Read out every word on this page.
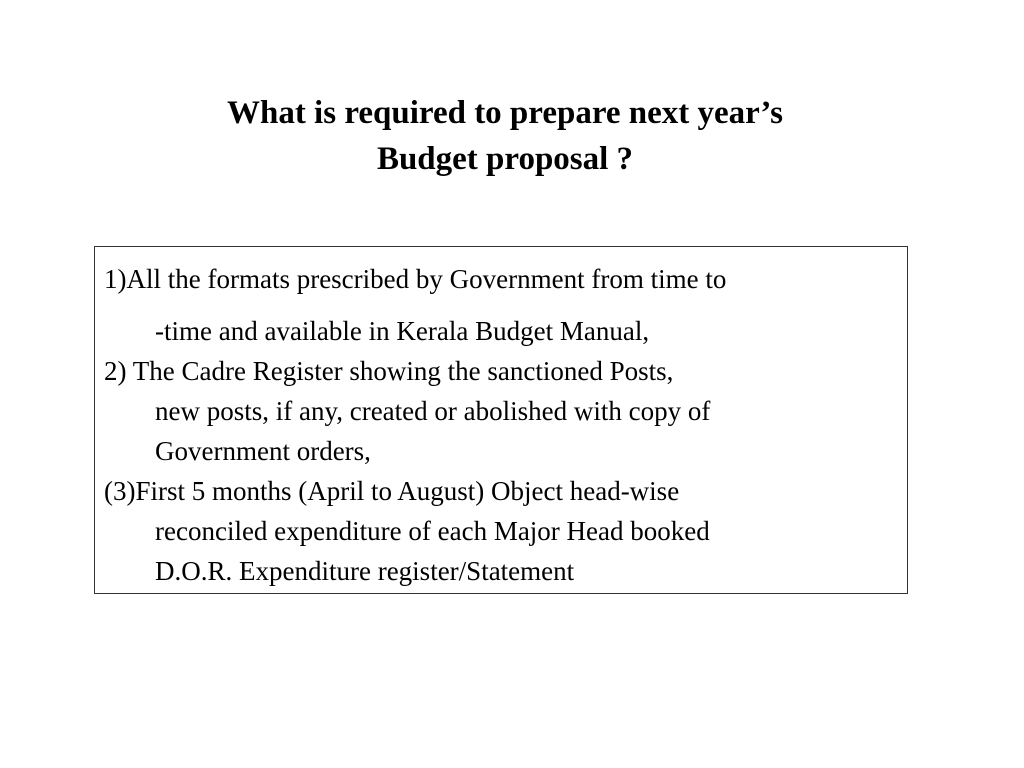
What is required to prepare next year’s
Budget proposal ?
1)All the formats prescribed by Government from time to
-time and available in Kerala Budget Manual,
2) The Cadre Register showing the sanctioned Posts,
new posts, if any, created or abolished with copy of
Government orders,
(3)First 5 months (April to August) Object head-wise
reconciled expenditure of each Major Head booked
D.O.R. Expenditure register/Statement
